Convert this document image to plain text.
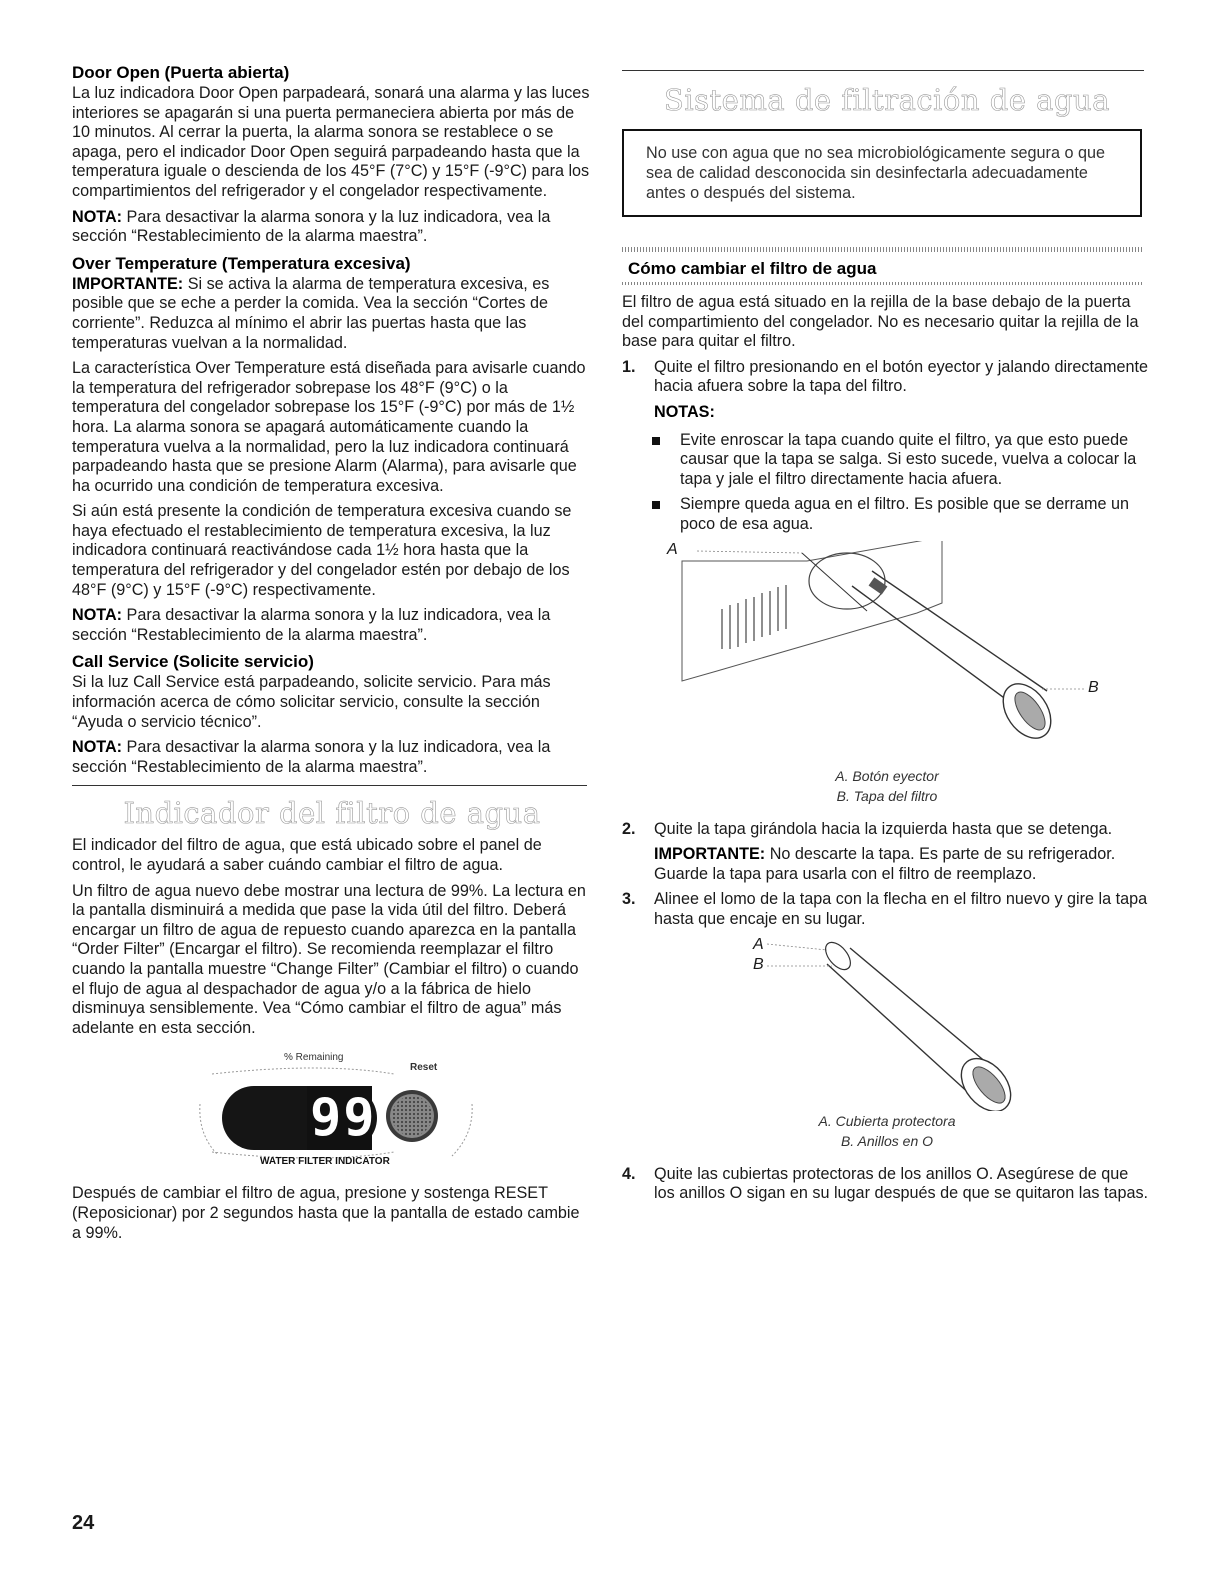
Door Open (Puerta abierta)

La luz indicadora Door Open parpadeará, sonará una alarma y las luces interiores se apagarán si una puerta permaneciera abierta por más de 10 minutos. Al cerrar la puerta, la alarma sonora se restablece o se apaga, pero el indicador Door Open seguirá parpadeando hasta que la temperatura iguale o descienda de los 45°F (7°C) y 15°F (-9°C) para los compartimientos del refrigerador y el congelador respectivamente.

NOTA: Para desactivar la alarma sonora y la luz indicadora, vea la sección “Restablecimiento de la alarma maestra”.

Over Temperature (Temperatura excesiva)

IMPORTANTE: Si se activa la alarma de temperatura excesiva, es posible que se eche a perder la comida. Vea la sección “Cortes de corriente”. Reduzca al mínimo el abrir las puertas hasta que las temperaturas vuelvan a la normalidad.

La característica Over Temperature está diseñada para avisarle cuando la temperatura del refrigerador sobrepase los 48°F (9°C) o la temperatura del congelador sobrepase los 15°F (-9°C) por más de 1½ hora. La alarma sonora se apagará automáticamente cuando la temperatura vuelva a la normalidad, pero la luz indicadora continuará parpadeando hasta que se presione Alarm (Alarma), para avisarle que ha ocurrido una condición de temperatura excesiva.

Si aún está presente la condición de temperatura excesiva cuando se haya efectuado el restablecimiento de temperatura excesiva, la luz indicadora continuará reactivándose cada 1½ hora hasta que la temperatura del refrigerador y del congelador estén por debajo de los 48°F (9°C) y 15°F (-9°C) respectivamente.

NOTA: Para desactivar la alarma sonora y la luz indicadora, vea la sección “Restablecimiento de la alarma maestra”.

Call Service (Solicite servicio)

Si la luz Call Service está parpadeando, solicite servicio. Para más información acerca de cómo solicitar servicio, consulte la sección “Ayuda o servicio técnico”.

NOTA: Para desactivar la alarma sonora y la luz indicadora, vea la sección “Restablecimiento de la alarma maestra”.

Indicador del filtro de agua

El indicador del filtro de agua, que está ubicado sobre el panel de control, le ayudará a saber cuándo cambiar el filtro de agua.

Un filtro de agua nuevo debe mostrar una lectura de 99%. La lectura en la pantalla disminuirá a medida que pase la vida útil del filtro. Deberá encargar un filtro de agua de repuesto cuando aparezca en la pantalla “Order Filter” (Encargar el filtro). Se recomienda reemplazar el filtro cuando la pantalla muestre “Change Filter” (Cambiar el filtro) o cuando el flujo de agua al despachador de agua y/o a la fábrica de hielo disminuya sensiblemente. Vea “Cómo cambiar el filtro de agua” más adelante en esta sección.

% Remaining
Reset
99
WATER FILTER INDICATOR

Después de cambiar el filtro de agua, presione y sostenga RESET (Reposicionar) por 2 segundos hasta que la pantalla de estado cambie a 99%.

Sistema de filtración de agua

No use con agua que no sea microbiológicamente segura o que sea de calidad desconocida sin desinfectarla adecuadamente antes o después del sistema.

Cómo cambiar el filtro de agua

El filtro de agua está situado en la rejilla de la base debajo de la puerta del compartimiento del congelador. No es necesario quitar la rejilla de la base para quitar el filtro.

1. Quite el filtro presionando en el botón eyector y jalando directamente hacia afuera sobre la tapa del filtro.

NOTAS:

Evite enroscar la tapa cuando quite el filtro, ya que esto puede causar que la tapa se salga. Si esto sucede, vuelva a colocar la tapa y jale el filtro directamente hacia afuera.

Siempre queda agua en el filtro. Es posible que se derrame un poco de esa agua.

A
B

A. Botón eyector

B. Tapa del filtro

2. Quite la tapa girándola hacia la izquierda hasta que se detenga.

IMPORTANTE: No descarte la tapa. Es parte de su refrigerador. Guarde la tapa para usarla con el filtro de reemplazo.

3. Alinee el lomo de la tapa con la flecha en el filtro nuevo y gire la tapa hasta que encaje en su lugar.

A
B

A. Cubierta protectora

B. Anillos en O

4. Quite las cubiertas protectoras de los anillos O. Asegúrese de que los anillos O sigan en su lugar después de que se quitaron las tapas.

24
